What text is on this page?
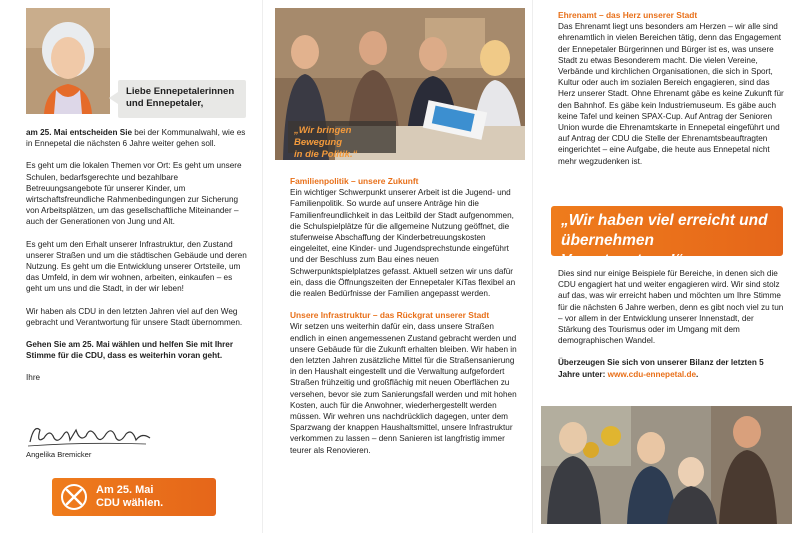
Liebe Ennepetalerinnen
und Ennepetaler,

am 25. Mai entscheiden Sie bei der Kommunalwahl, wie es in Ennepetal die nächsten 6 Jahre weiter gehen soll.

Es geht um die lokalen Themen vor Ort: Es geht um unsere Schulen, bedarfsgerechte und bezahlbare Betreuungsangebote für unserer Kinder, um wirtschaftsfreundliche Rahmenbedingungen zur Sicherung von Arbeitsplätzen, um das gesellschaftliche Miteinander – auch der Generationen von Jung und Alt.

Es geht um den Erhalt unserer Infrastruktur, den Zustand unserer Straßen und um die städtischen Gebäude und deren Nutzung. Es geht um die Entwicklung unserer Ortsteile, um das Umfeld, in dem wir wohnen, arbeiten, einkaufen – es geht um uns und die Stadt, in der wir leben!

Wir haben als CDU in den letzten Jahren viel auf den Weg gebracht und Verantwortung für unsere Stadt übernommen.

Gehen Sie am 25. Mai wählen und helfen Sie mit Ihrer Stimme für die CDU, dass es weiterhin voran geht.

Ihre

Angelika Bremicker
Am 25. Mai
CDU wählen.
„Wir bringen Bewegung
in die Politik.“
Familienpolitik – unsere Zukunft

Ein wichtiger Schwerpunkt unserer Arbeit ist die Jugend- und Familienpolitik. So wurde auf unsere Anträge hin die Familienfreundlichkeit in das Leitbild der Stadt aufgenommen, die Schulspielplätze für die allgemeine Nutzung geöffnet, die stufenweise Abschaffung der Kinderbetreuungskosten eingeleitet, eine Kinder- und Jugendsprechstunde eingeführt und der Beschluss zum Bau eines neuen Schwerpunktspielplatzes gefasst. Aktuell setzen wir uns dafür ein, dass die Öffnungszeiten der Ennepetaler KiTas flexibel an die realen Bedürfnisse der Familien angepasst werden.

Unsere Infrastruktur – das Rückgrat unserer Stadt

Wir setzen uns weiterhin dafür ein, dass unsere Straßen endlich in einen angemessenen Zustand gebracht werden und unsere Gebäude für die Zukunft erhalten bleiben. Wir haben in den letzten Jahren zusätzliche Mittel für die Straßensanierung in den Haushalt eingestellt und die Verwaltung aufgefordert Straßen frühzeitig und großflächig mit neuen Oberflächen zu versehen, bevor sie zum Sanierungsfall werden und mit hohen Kosten, auch für die Anwohner, wiederhergestellt werden müssen. Wir wehren uns nachdrücklich dagegen, unter dem Sparzwang der knappen Haushaltsmittel, unsere Infrastruktur verkommen zu lassen – denn Sanieren ist langfristig immer teurer als Renovieren.

Ehrenamt – das Herz unserer Stadt

Das Ehrenamt liegt uns besonders am Herzen – wir alle sind ehrenamtlich in vielen Bereichen tätig, denn das Engagement der Ennepetaler Bürgerinnen und Bürger ist es, was unsere Stadt zu etwas Besonderem macht. Die vielen Vereine, Verbände und kirchlichen Organisationen, die sich in Sport, Kultur oder auch im sozialen Bereich engagieren, sind das Herz unserer Stadt. Ohne Ehrenamt gäbe es keine Zukunft für den Bahnhof. Es gäbe kein Industriemuseum. Es gäbe auch keine Tafel und keinen SPAX-Cup. Auf Antrag der Senioren Union wurde die Ehrenamtskarte in Ennepetal eingeführt und auf Antrag der CDU die Stelle der Ehrenamtsbeauftragten eingerichtet – eine Aufgabe, die heute aus Ennepetal nicht mehr wegzudenken ist.

„Wir haben viel erreicht und
übernehmen Verantwortung!“

Dies sind nur einige Beispiele für Bereiche, in denen sich die CDU engagiert hat und weiter engagieren wird. Wir sind stolz auf das, was wir erreicht haben und möchten um Ihre Stimme für die nächsten 6 Jahre werben, denn es gibt noch viel zu tun – vor allem in der Entwicklung unserer Innenstadt, der Stärkung des Tourismus oder im Umgang mit dem demographischen Wandel.

Überzeugen Sie sich von unserer Bilanz der letzten 5 Jahre unter: www.cdu-ennepetal.de.
